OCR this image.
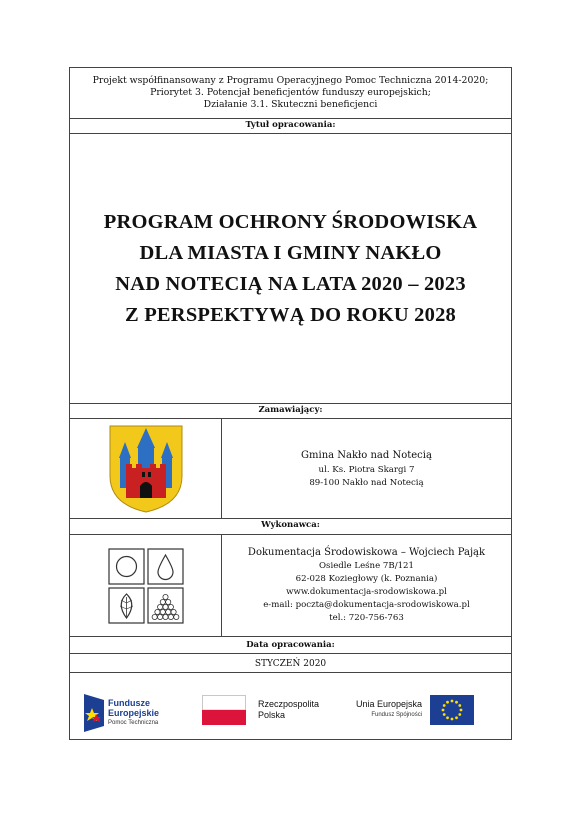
Projekt współfinansowany z Programu Operacyjnego Pomoc Techniczna 2014-2020;
Priorytet 3. Potencjał beneficjentów funduszy europejskich;
Działanie 3.1. Skuteczni beneficjenci
Tytuł opracowania:
PROGRAM OCHRONY ŚRODOWISKA
DLA MIASTA I GMINY NAKŁO
NAD NOTECIĄ NA LATA 2020 – 2023
Z PERSPEKTYWĄ DO ROKU 2028
Zamawiający:
Gmina Nakło nad Notecią
ul. Ks. Piotra Skargi 7
89-100 Nakło nad Notecią
Wykonawca:
Dokumentacja Środowiskowa – Wojciech Pająk
Osiedle Leśne 7B/121
62-028 Koziegłowy (k. Poznania)
www.dokumentacja-srodowiskowa.pl
e-mail: poczta@dokumentacja-srodowiskowa.pl
tel.: 720-756-763
Data opracowania:
STYCZEŃ 2020
Fundusze
Europejskie
Pomoc Techniczna
Rzeczpospolita
Polska
Unia Europejska
Fundusz Spójności
